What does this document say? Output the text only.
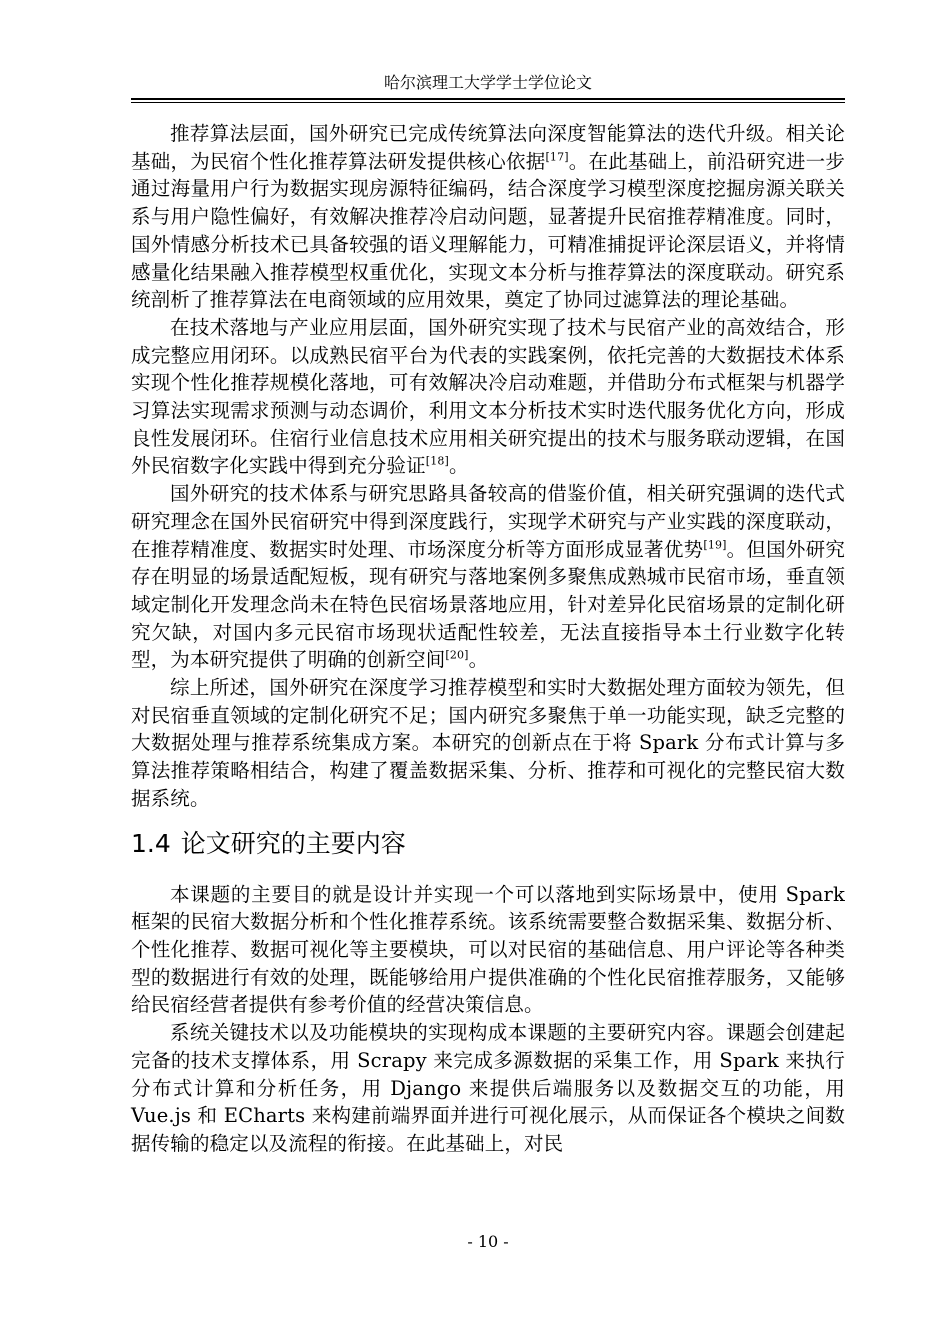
哈尔滨理工大学学士学位论文

推荐算法层面，国外研究已完成传统算法向深度智能算法的迭代升级。相关论基础，为民宿个性化推荐算法研发提供核心依据[17]。在此基础上，前沿研究进一步通过海量用户行为数据实现房源特征编码，结合深度学习模型深度挖掘房源关联关系与用户隐性偏好，有效解决推荐冷启动问题，显著提升民宿推荐精准度。同时，国外情感分析技术已具备较强的语义理解能力，可精准捕捉评论深层语义，并将情感量化结果融入推荐模型权重优化，实现文本分析与推荐算法的深度联动。研究系统剖析了推荐算法在电商领域的应用效果，奠定了协同过滤算法的理论基础。

在技术落地与产业应用层面，国外研究实现了技术与民宿产业的高效结合，形成完整应用闭环。以成熟民宿平台为代表的实践案例，依托完善的大数据技术体系实现个性化推荐规模化落地，可有效解决冷启动难题，并借助分布式框架与机器学习算法实现需求预测与动态调价，利用文本分析技术实时迭代服务优化方向，形成良性发展闭环。住宿行业信息技术应用相关研究提出的技术与服务联动逻辑，在国外民宿数字化实践中得到充分验证[18]。

国外研究的技术体系与研究思路具备较高的借鉴价值，相关研究强调的迭代式研究理念在国外民宿研究中得到深度践行，实现学术研究与产业实践的深度联动，在推荐精准度、数据实时处理、市场深度分析等方面形成显著优势[19]。但国外研究存在明显的场景适配短板，现有研究与落地案例多聚焦成熟城市民宿市场，垂直领域定制化开发理念尚未在特色民宿场景落地应用，针对差异化民宿场景的定制化研究欠缺，对国内多元民宿市场现状适配性较差，无法直接指导本土行业数字化转型，为本研究提供了明确的创新空间[20]。

综上所述，国外研究在深度学习推荐模型和实时大数据处理方面较为领先，但对民宿垂直领域的定制化研究不足；国内研究多聚焦于单一功能实现，缺乏完整的大数据处理与推荐系统集成方案。本研究的创新点在于将 Spark 分布式计算与多算法推荐策略相结合，构建了覆盖数据采集、分析、推荐和可视化的完整民宿大数据系统。

1.4 论文研究的主要内容

本课题的主要目的就是设计并实现一个可以落地到实际场景中，使用 Spark 框架的民宿大数据分析和个性化推荐系统。该系统需要整合数据采集、数据分析、个性化推荐、数据可视化等主要模块，可以对民宿的基础信息、用户评论等各种类型的数据进行有效的处理，既能够给用户提供准确的个性化民宿推荐服务，又能够给民宿经营者提供有参考价值的经营决策信息。

系统关键技术以及功能模块的实现构成本课题的主要研究内容。课题会创建起完备的技术支撑体系，用 Scrapy 来完成多源数据的采集工作，用 Spark 来执行分布式计算和分析任务，用 Django 来提供后端服务以及数据交互的功能，用 Vue.js 和 ECharts 来构建前端界面并进行可视化展示，从而保证各个模块之间数据传输的稳定以及流程的衔接。在此基础上，对民

- 10 -
